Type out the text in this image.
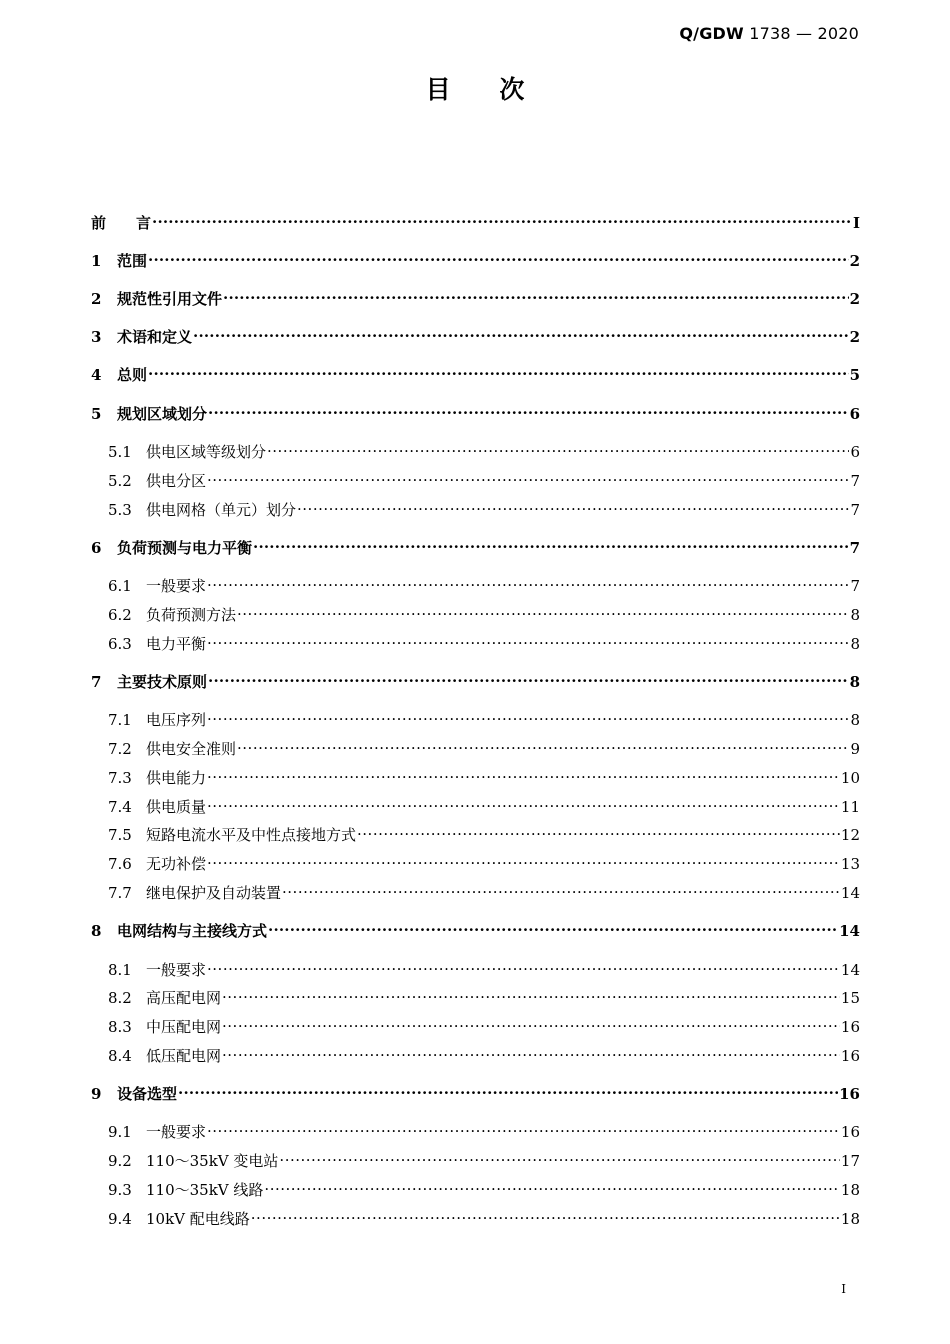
Q/GDW 1738 — 2020
目 次
前　　言 .....	I
1	范围 .....	2
2	规范性引用文件 .....	2
3	术语和定义 .....	2
4	总则 .....	5
5	规划区域划分 .....	6
5.1 供电区域等级划分 .....	6
5.2 供电分区 .....	7
5.3 供电网格（单元）划分 .....	7
6	负荷预测与电力平衡 .....	7
6.1 一般要求 .....	7
6.2 负荷预测方法 .....	8
6.3 电力平衡 .....	8
7	主要技术原则 .....	8
7.1 电压序列 .....	8
7.2 供电安全准则 .....	9
7.3 供电能力 .....	10
7.4 供电质量 .....	11
7.5 短路电流水平及中性点接地方式 .....	12
7.6 无功补偿 .....	13
7.7 继电保护及自动装置 .....	14
8	电网结构与主接线方式 .....	14
8.1 一般要求 .....	14
8.2 高压配电网 .....	15
8.3 中压配电网 .....	16
8.4 低压配电网 .....	16
9	设备选型 .....	16
9.1 一般要求 .....	16
9.2 110～35kV 变电站 .....	17
9.3 110～35kV 线路 .....	18
9.4 10kV 配电线路 .....	18
I
